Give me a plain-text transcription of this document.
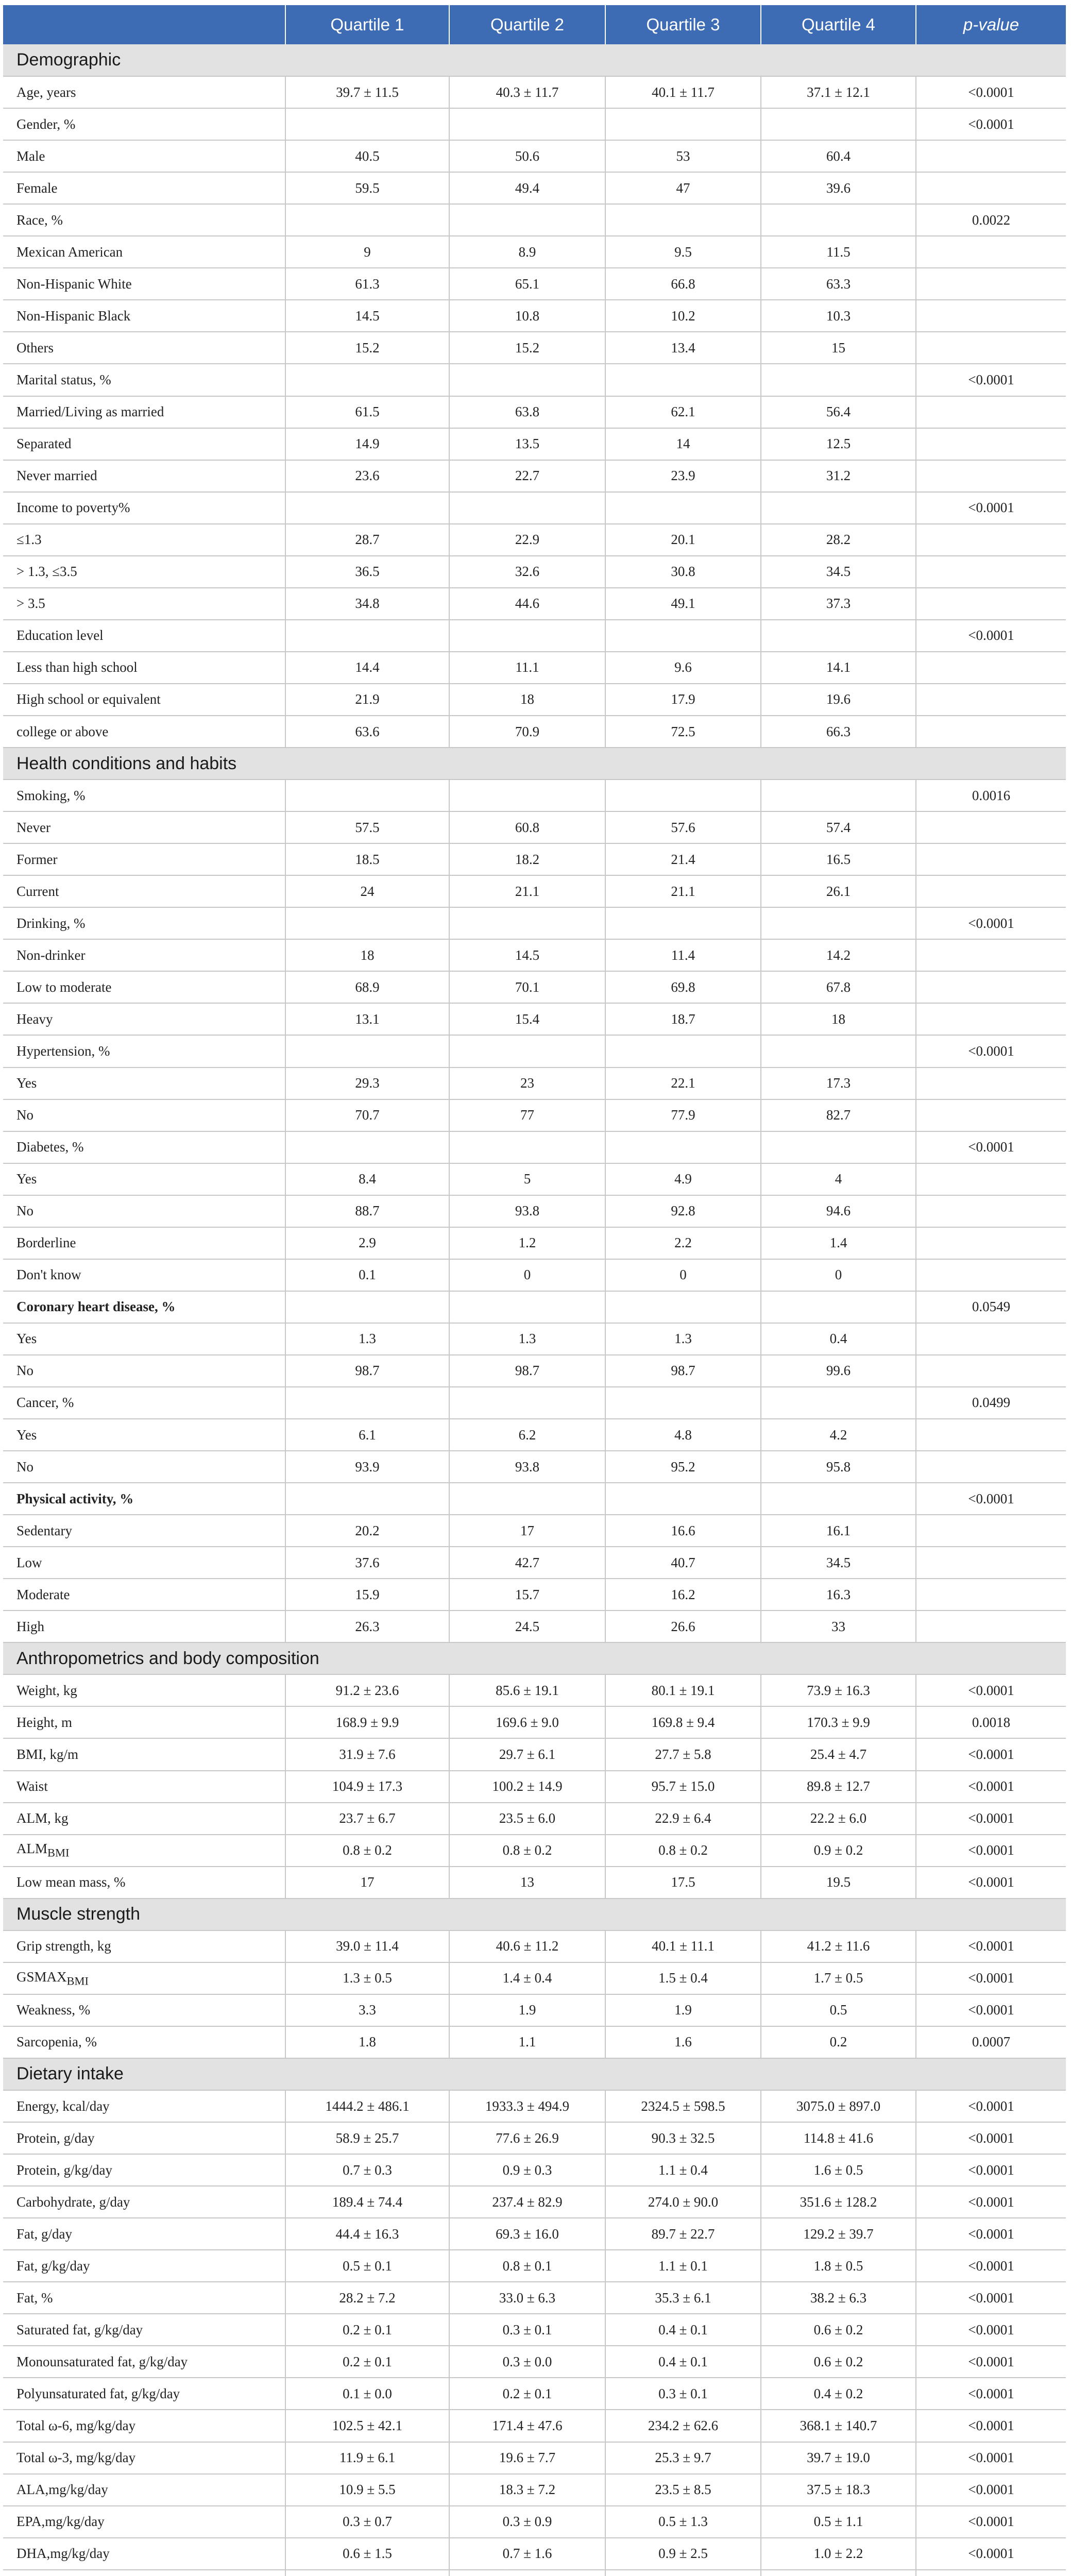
	Quartile 1	Quartile 2	Quartile 3	Quartile 4	p-value
Demographic					
Age, years	39.7 ± 11.5	40.3 ± 11.7	40.1 ± 11.7	37.1 ± 12.1	<0.0001
Gender, %					<0.0001
Male	40.5	50.6	53	60.4	
Female	59.5	49.4	47	39.6	
Race, %					0.0022
Mexican American	9	8.9	9.5	11.5	
Non-Hispanic White	61.3	65.1	66.8	63.3	
Non-Hispanic Black	14.5	10.8	10.2	10.3	
Others	15.2	15.2	13.4	15	
Marital status, %					<0.0001
Married/Living as married	61.5	63.8	62.1	56.4	
Separated	14.9	13.5	14	12.5	
Never married	23.6	22.7	23.9	31.2	
Income to poverty%					<0.0001
≤1.3	28.7	22.9	20.1	28.2	
> 1.3, ≤3.5	36.5	32.6	30.8	34.5	
> 3.5	34.8	44.6	49.1	37.3	
Education level					<0.0001
Less than high school	14.4	11.1	9.6	14.1	
High school or equivalent	21.9	18	17.9	19.6	
college or above	63.6	70.9	72.5	66.3	
Health conditions and habits					
Smoking, %					0.0016
Never	57.5	60.8	57.6	57.4	
Former	18.5	18.2	21.4	16.5	
Current	24	21.1	21.1	26.1	
Drinking, %					<0.0001
Non-drinker	18	14.5	11.4	14.2	
Low to moderate	68.9	70.1	69.8	67.8	
Heavy	13.1	15.4	18.7	18	
Hypertension, %					<0.0001
Yes	29.3	23	22.1	17.3	
No	70.7	77	77.9	82.7	
Diabetes, %					<0.0001
Yes	8.4	5	4.9	4	
No	88.7	93.8	92.8	94.6	
Borderline	2.9	1.2	2.2	1.4	
Don't know	0.1	0	0	0	
Coronary heart disease, %					0.0549
Yes	1.3	1.3	1.3	0.4	
No	98.7	98.7	98.7	99.6	
Cancer, %					0.0499
Yes	6.1	6.2	4.8	4.2	
No	93.9	93.8	95.2	95.8	
Physical activity, %					<0.0001
Sedentary	20.2	17	16.6	16.1	
Low	37.6	42.7	40.7	34.5	
Moderate	15.9	15.7	16.2	16.3	
High	26.3	24.5	26.6	33	
Anthropometrics and body composition					
Weight, kg	91.2 ± 23.6	85.6 ± 19.1	80.1 ± 19.1	73.9 ± 16.3	<0.0001
Height, m	168.9 ± 9.9	169.6 ± 9.0	169.8 ± 9.4	170.3 ± 9.9	0.0018
BMI, kg/m	31.9 ± 7.6	29.7 ± 6.1	27.7 ± 5.8	25.4 ± 4.7	<0.0001
Waist	104.9 ± 17.3	100.2 ± 14.9	95.7 ± 15.0	89.8 ± 12.7	<0.0001
ALM, kg	23.7 ± 6.7	23.5 ± 6.0	22.9 ± 6.4	22.2 ± 6.0	<0.0001
$ALM_{BMI}$	0.8 ± 0.2	0.8 ± 0.2	0.8 ± 0.2	0.9 ± 0.2	<0.0001
Low mean mass, %	17	13	17.5	19.5	<0.0001
Muscle strength					
Grip strength, kg	39.0 ± 11.4	40.6 ± 11.2	40.1 ± 11.1	41.2 ± 11.6	<0.0001
$GSMAX_{BMI}$	1.3 ± 0.5	1.4 ± 0.4	1.5 ± 0.4	1.7 ± 0.5	<0.0001
Weakness, %	3.3	1.9	1.9	0.5	<0.0001
Sarcopenia, %	1.8	1.1	1.6	0.2	0.0007
Dietary intake					
Energy, kcal/day	1444.2 ± 486.1	1933.3 ± 494.9	2324.5 ± 598.5	3075.0 ± 897.0	<0.0001
Protein, g/day	58.9 ± 25.7	77.6 ± 26.9	90.3 ± 32.5	114.8 ± 41.6	<0.0001
Protein, g/kg/day	0.7 ± 0.3	0.9 ± 0.3	1.1 ± 0.4	1.6 ± 0.5	<0.0001
Carbohydrate, g/day	189.4 ± 74.4	237.4 ± 82.9	274.0 ± 90.0	351.6 ± 128.2	<0.0001
Fat, g/day	44.4 ± 16.3	69.3 ± 16.0	89.7 ± 22.7	129.2 ± 39.7	<0.0001
Fat, g/kg/day	0.5 ± 0.1	0.8 ± 0.1	1.1 ± 0.1	1.8 ± 0.5	<0.0001
Fat, %	28.2 ± 7.2	33.0 ± 6.3	35.3 ± 6.1	38.2 ± 6.3	<0.0001
Saturated fat, g/kg/day	0.2 ± 0.1	0.3 ± 0.1	0.4 ± 0.1	0.6 ± 0.2	<0.0001
Monounsaturated fat, g/kg/day	0.2 ± 0.1	0.3 ± 0.0	0.4 ± 0.1	0.6 ± 0.2	<0.0001
Polyunsaturated fat, g/kg/day	0.1 ± 0.0	0.2 ± 0.1	0.3 ± 0.1	0.4 ± 0.2	<0.0001
Total ω-6, mg/kg/day	102.5 ± 42.1	171.4 ± 47.6	234.2 ± 62.6	368.1 ± 140.7	<0.0001
Total ω-3, mg/kg/day	11.9 ± 6.1	19.6 ± 7.7	25.3 ± 9.7	39.7 ± 19.0	<0.0001
ALA,mg/kg/day	10.9 ± 5.5	18.3 ± 7.2	23.5 ± 8.5	37.5 ± 18.3	<0.0001
EPA,mg/kg/day	0.3 ± 0.7	0.3 ± 0.9	0.5 ± 1.3	0.5 ± 1.1	<0.0001
DHA,mg/kg/day	0.6 ± 1.5	0.7 ± 1.6	0.9 ± 2.5	1.0 ± 2.2	<0.0001
